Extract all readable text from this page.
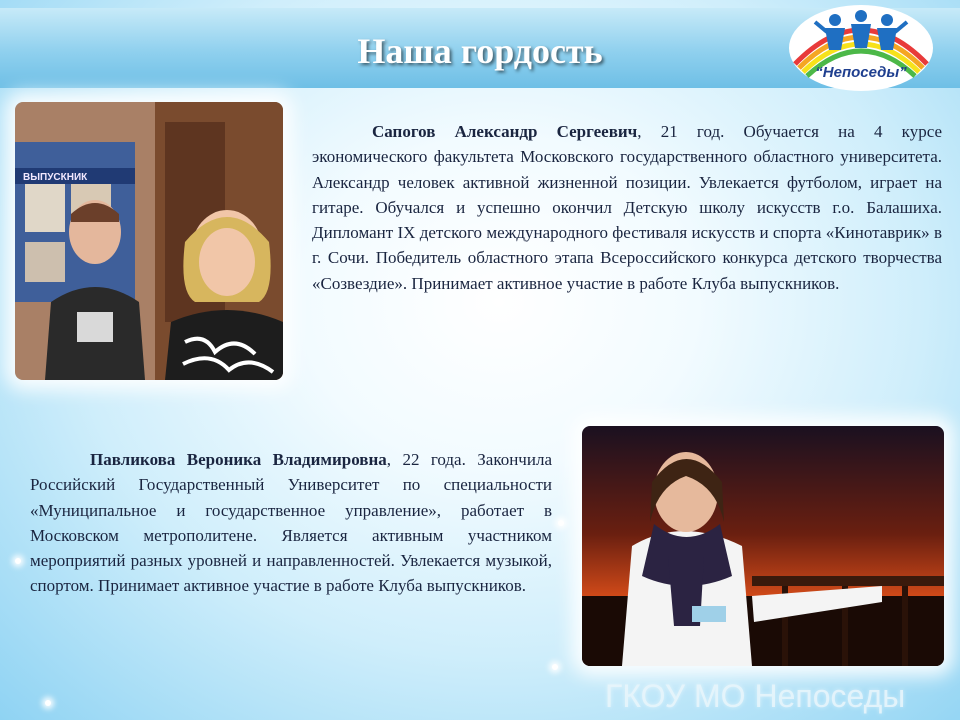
Наша гордость
“Непоседы”
ВЫПУСКНИК
Сапогов Александр Сергеевич, 21 год. Обучается на 4 курсе экономического факультета Московского государственного областного университета. Александр человек активной жизненной позиции. Увлекается футболом, играет на гитаре. Обучался и успешно окончил Детскую школу искусств г.о. Балашиха. Дипломант IX детского международного фестиваля искусств и спорта «Кинотаврик» в г. Сочи. Победитель областного этапа Всероссийского конкурса детского творчества «Созвездие». Принимает активное участие в работе Клуба выпускников.
Павликова Вероника Владимировна, 22 года. Закончила Российский Государственный Университет по специальности «Муниципальное и государственное управление», работает в Московском метрополитене. Является активным участником мероприятий разных уровней и направленностей. Увлекается музыкой, спортом. Принимает активное участие в работе Клуба выпускников.
ГКОУ МО Непоседы
